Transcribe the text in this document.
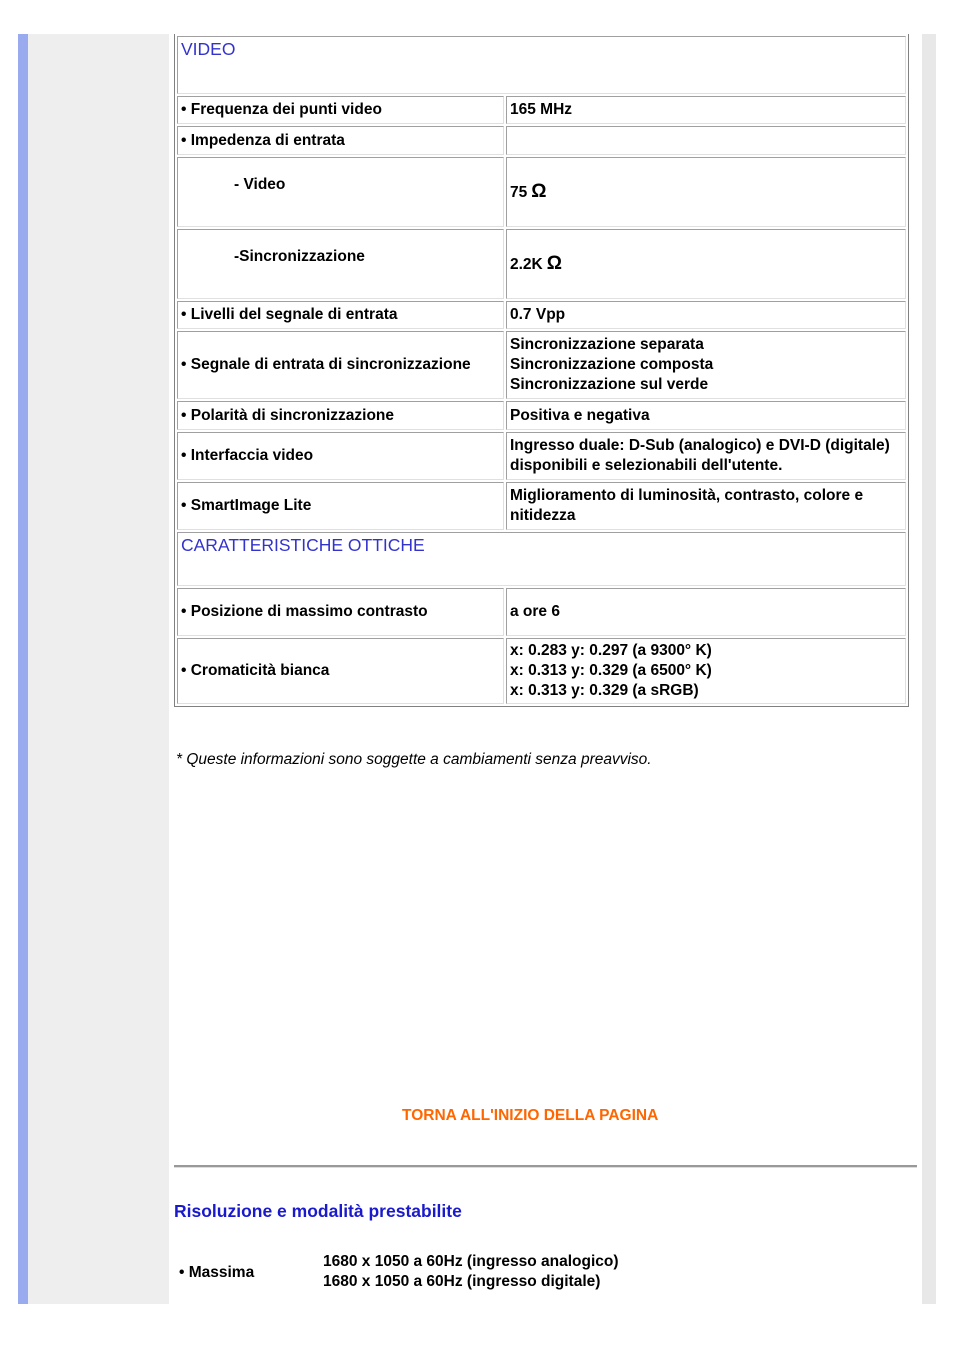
VIDEO	
• Frequenza dei punti video	165 MHz
• Impedenza di entrata	
- Video	75 Ω
-Sincronizzazione	2.2K Ω
• Livelli del segnale di entrata	0.7 Vpp
• Segnale di entrata di sincronizzazione	Sincronizzazione separata
Sincronizzazione composta
Sincronizzazione sul verde

• Polarità di sincronizzazione	Positiva e negativa
• Interfaccia video	Ingresso duale: D-Sub (analogico) e DVI-D (digitale) disponibili e selezionabili dell'utente.
• SmartImage Lite	Miglioramento di luminosità, contrasto, colore e nitidezza
CARATTERISTICHE OTTICHE	
• Posizione di massimo contrasto	a ore 6
• Cromaticità bianca	x: 0.283 y: 0.297 (a 9300° K)
x: 0.313 y: 0.329 (a 6500° K)
x: 0.313 y: 0.329 (a sRGB)
* Queste informazioni sono soggette a cambiamenti senza preavviso.
TORNA ALL'INIZIO DELLA PAGINA
Risoluzione e modalità prestabilite
• Massima
1680 x 1050 a 60Hz (ingresso analogico)
1680 x 1050 a 60Hz (ingresso digitale)
